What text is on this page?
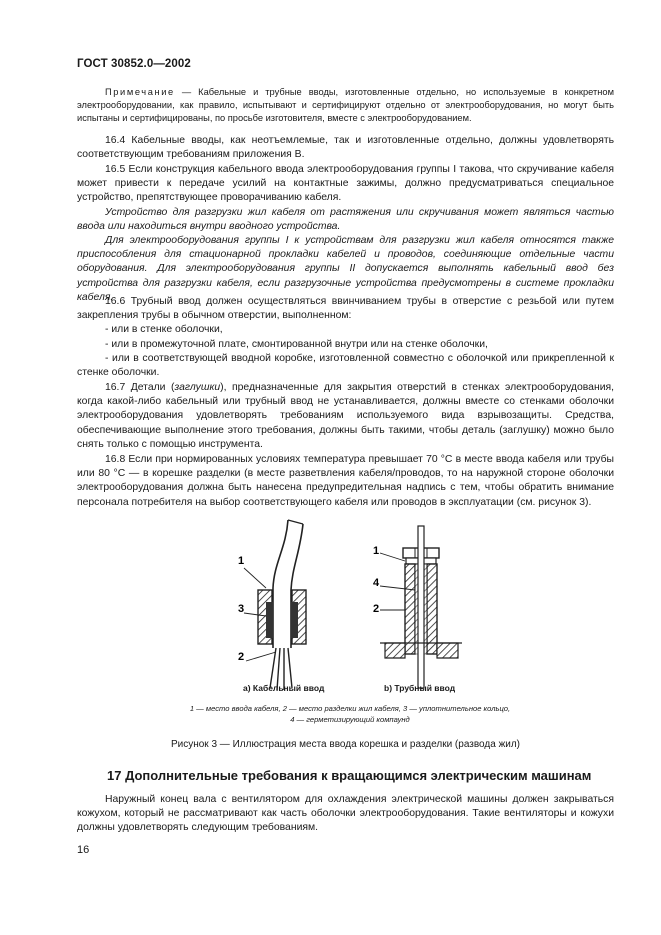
ГОСТ 30852.0—2002

Примечание — Кабельные и трубные вводы, изготовленные отдельно, но используемые в конкретном электрооборудовании, как правило, испытывают и сертифицируют отдельно от электрооборудования, но могут быть испытаны и сертифицированы, по просьбе изготовителя, вместе с электрооборудованием.

16.4 Кабельные вводы, как неотъемлемые, так и изготовленные отдельно, должны удовлетворять соответствующим требованиям приложения В.

16.5 Если конструкция кабельного ввода электрооборудования группы I такова, что скручивание кабеля может привести к передаче усилий на контактные зажимы, должно предусматриваться специальное устройство, препятствующее проворачиванию кабеля.

Устройство для разгрузки жил кабеля от растяжения или скручивания может являться частью ввода или находиться внутри вводного устройства.

Для электрооборудования группы I к устройствам для разгрузки жил кабеля относятся также приспособления для стационарной прокладки кабелей и проводов, соединяющие отдельные части оборудования. Для электрооборудования группы II допускается выполнять кабельный ввод без устройства для разгрузки кабеля, если разгрузочные устройства предусмотрены в системе прокладки кабеля.

16.6 Трубный ввод должен осуществляться ввинчиванием трубы в отверстие с резьбой или путем закрепления трубы в обычном отверстии, выполненном:

- или в стенке оболочки,

- или в промежуточной плате, смонтированной внутри или на стенке оболочки,

- или в соответствующей вводной коробке, изготовленной совместно с оболочкой или прикрепленной к стенке оболочки.

16.7 Детали (заглушки), предназначенные для закрытия отверстий в стенках электрооборудования, когда какой-либо кабельный или трубный ввод не устанавливается, должны вместе со стенками оболочки электрооборудования удовлетворять требованиям используемого вида взрывозащиты. Средства, обеспечивающие выполнение этого требования, должны быть такими, чтобы деталь (заглушку) можно было снять только с помощью инструмента.

16.8 Если при нормированных условиях температура превышает 70 °С в месте ввода кабеля или трубы или 80 °С — в корешке разделки (в месте разветвления кабеля/проводов, то на наружной стороне оболочки электрооборудования должна быть нанесена предупредительная надпись с тем, чтобы обратить внимание персонала потребителя на выбор соответствующего кабеля или проводов в эксплуатации (см. рисунок 3).

1
3
2
1
4
2
а) Кабельный ввод	b) Трубный ввод
1 — место ввода кабеля, 2 — место разделки жил кабеля, 3 — уплотнительное кольцо,
4 — герметизирующий компаунд
Рисунок 3 — Иллюстрация места ввода корешка и разделки (развода жил)
17 Дополнительные требования к вращающимся электрическим машинам

Наружный конец вала с вентилятором для охлаждения электрической машины должен закрываться кожухом, который не рассматривают как часть оболочки электрооборудования. Такие вентиляторы и кожухи должны удовлетворять следующим требованиям.

16
